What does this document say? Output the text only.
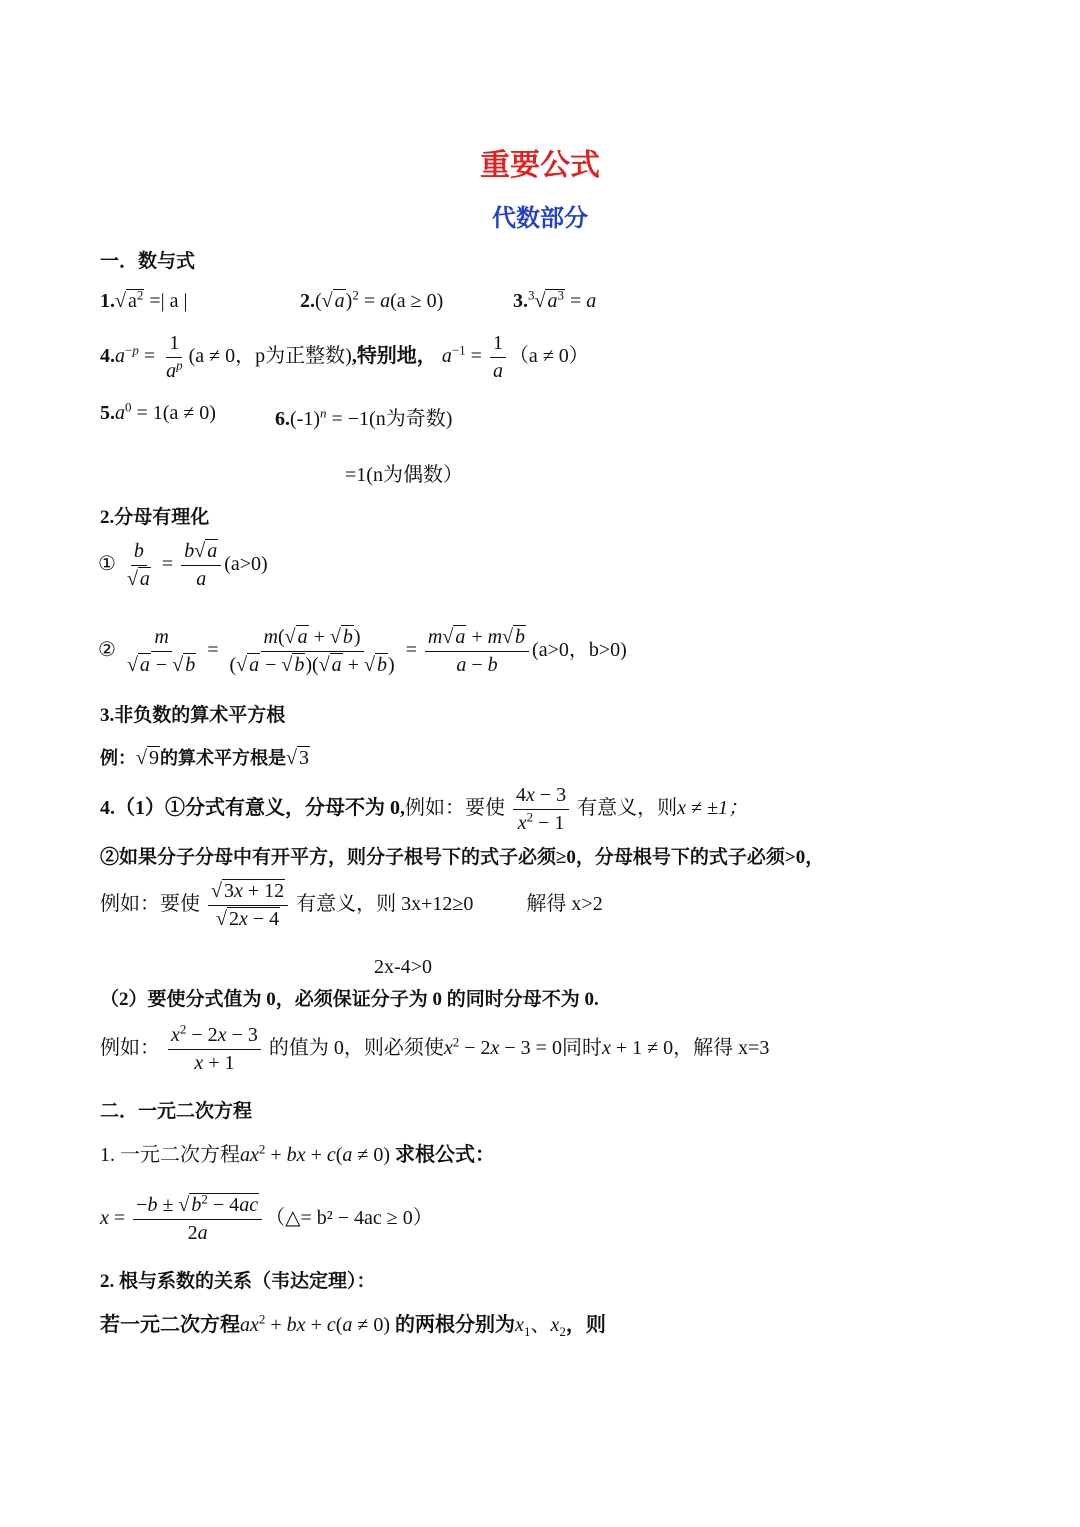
重要公式
代数部分
一．数与式
1.√ $a^2$ =| a |	2.(√ a)$^2$ = a(a ≥ 0)	3.$^3$√ $a^3 = a$
$4.a^{-p} = \frac{1}{a^p} (a \ne 0$，p为正整数),特别地， $a^{-1} = \frac{1}{a} (a \ne 0)$
$5.a^0 = 1(a \ne 0)$	$6.(-1)^n = -1(n$为奇数)
=1(n为偶数）
2.分母有理化
① $\frac{b}{√ a} = \frac{b√ a}{a} (a>0)$
② $\frac{m}{√ a - √ b} = \frac{m(√ a + √ b)}{(√ a - √ b)(√ a + √ b)} = \frac{m√ a + m√ b}{a - b} (a>0$，b>0)
3.非负数的算术平方根
例：√ 9的算术平方根是√ 3
4.（1）①分式有意义，分母不为 0,例如：要使 $\frac{4x - 3}{x^2 - 1}$ 有意义，则x ≠ ±1；
②如果分子分母中有开平方，则分子根号下的式子必须≥0，分母根号下的式子必须>0，
例如：要使 $\frac{√ 3x + 12}{√ 2x - 4}$ 有意义，则 3x+12≥0	解得 x>2
2x-4>0
（2）要使分式值为 0，必须保证分子为 0 的同时分母不为 0.
例如： $\frac{x^2 - 2x - 3}{x + 1}$ 的值为 0，则必须使$x^2 - 2x - 3 = 0$同时x + 1 ≠ 0，解得 x=3
二．一元二次方程
1. 一元二次方程$ax^2$ + bx + c(a ≠ 0) 求根公式：
$x = \frac{-b \pm √ b^2 - 4ac}{2a}$ （△= b² − 4ac ≥ 0）
2. 根与系数的关系（韦达定理）：
若一元二次方程$ax^2$ + bx + c(a ≠ 0) 的两根分别为$x_1$、$x_2$，则
